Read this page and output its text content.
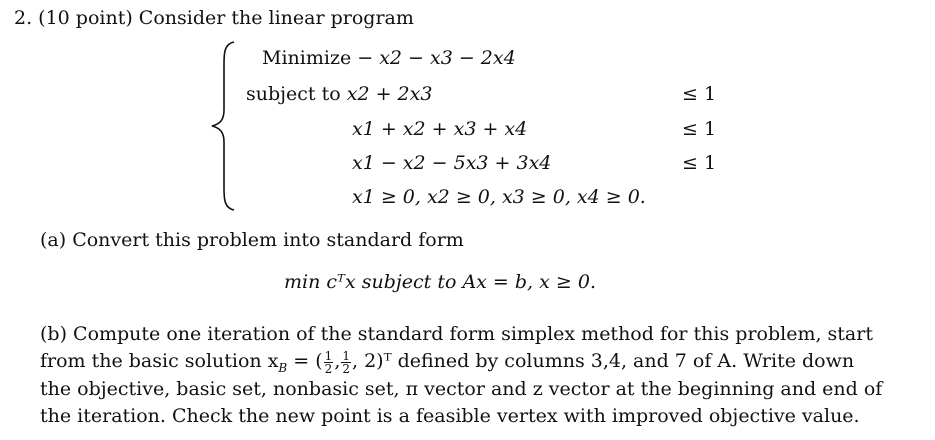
2. (10 point) Consider the linear program
Minimize − x2 − x3 − 2x4
subject to x2 + 2x3	≤ 1
x1 + x2 + x3 + x4	≤ 1
x1 − x2 − 5x3 + 3x4	≤ 1
x1 ≥ 0, x2 ≥ 0, x3 ≥ 0, x4 ≥ 0.
(a) Convert this problem into standard form
min cᵀx subject to Ax = b, x ≥ 0.
(b) Compute one iteration of the standard form simplex method for this problem, start
from the basic solution $x_B$ = ( $\frac{1}{2}$ , $\frac{1}{2}$ , 2)ᵀ defined by columns 3,4, and 7 of A. Write down
the objective, basic set, nonbasic set, π vector and z vector at the beginning and end of
the iteration. Check the new point is a feasible vertex with improved objective value.
